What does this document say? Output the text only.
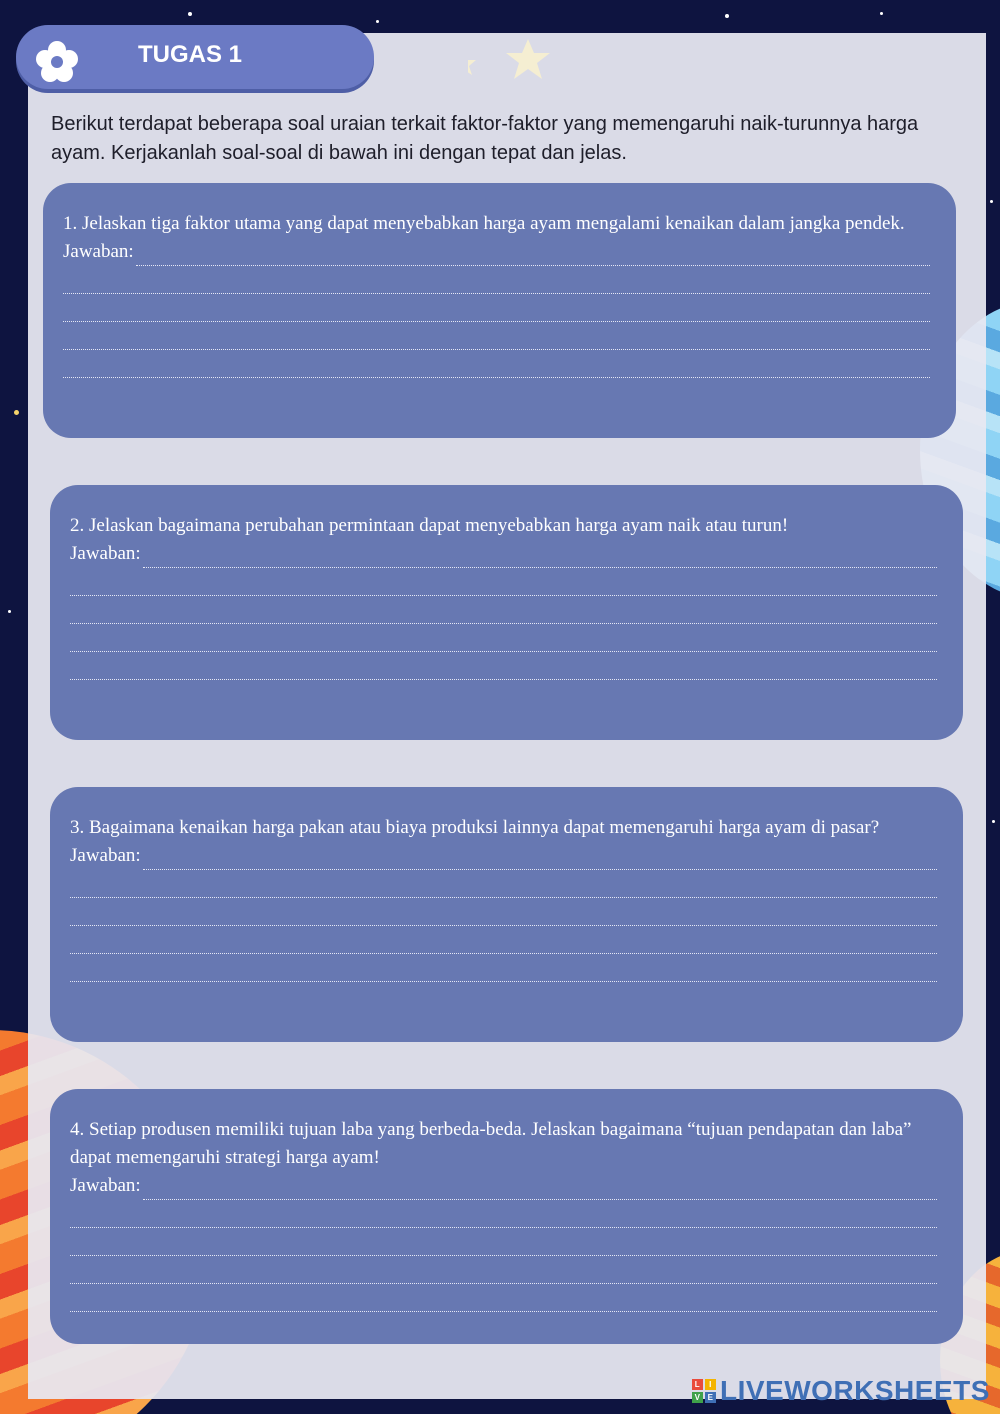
TUGAS 1
Berikut terdapat beberapa soal uraian terkait faktor-faktor yang memengaruhi naik-turunnya harga ayam. Kerjakanlah soal-soal di bawah ini dengan tepat dan jelas.
1. Jelaskan tiga faktor utama yang dapat menyebabkan harga ayam mengalami kenaikan dalam jangka pendek.
Jawaban:
2. Jelaskan bagaimana perubahan permintaan dapat menyebabkan harga ayam naik atau turun!
Jawaban:
3. Bagaimana kenaikan harga pakan atau biaya produksi lainnya dapat memengaruhi harga ayam di pasar?
Jawaban:
4. Setiap produsen memiliki tujuan laba yang berbeda-beda. Jelaskan bagaimana “tujuan pendapatan dan laba” dapat memengaruhi strategi harga ayam!
Jawaban:
L	I
V E LIVEWORKSHEETS
